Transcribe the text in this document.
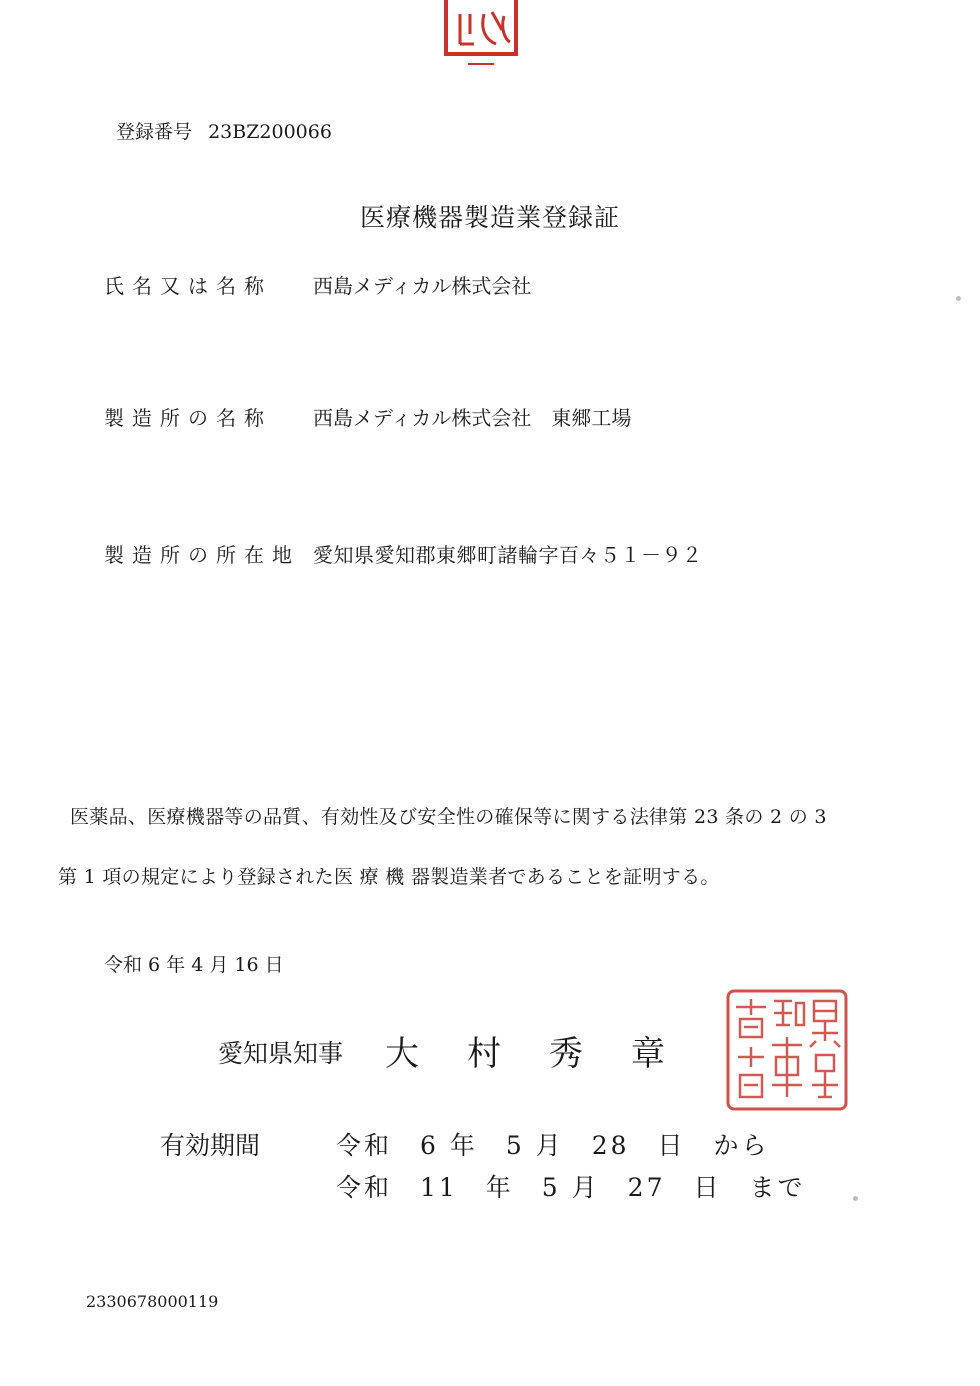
登録番号 23BZ200066
医療機器製造業登録証
氏名又は名称 西島メディカル株式会社
製造所の名称 西島メディカル株式会社　東郷工場
製造所の所在地 愛知県愛知郡東郷町諸輪字百々５１－９２
医薬品、医療機器等の品質、有効性及び安全性の確保等に関する法律第 23 条の 2 の 3
第 1 項の規定により登録された医 療 機 器製造業者であることを証明する。
令和 6 年 4 月 16 日
愛知県知事 大村秀章
有効期間	令和　6 年　5 月　28　日　から
令和　11　年　5 月　27　日　まで
2330678000119
